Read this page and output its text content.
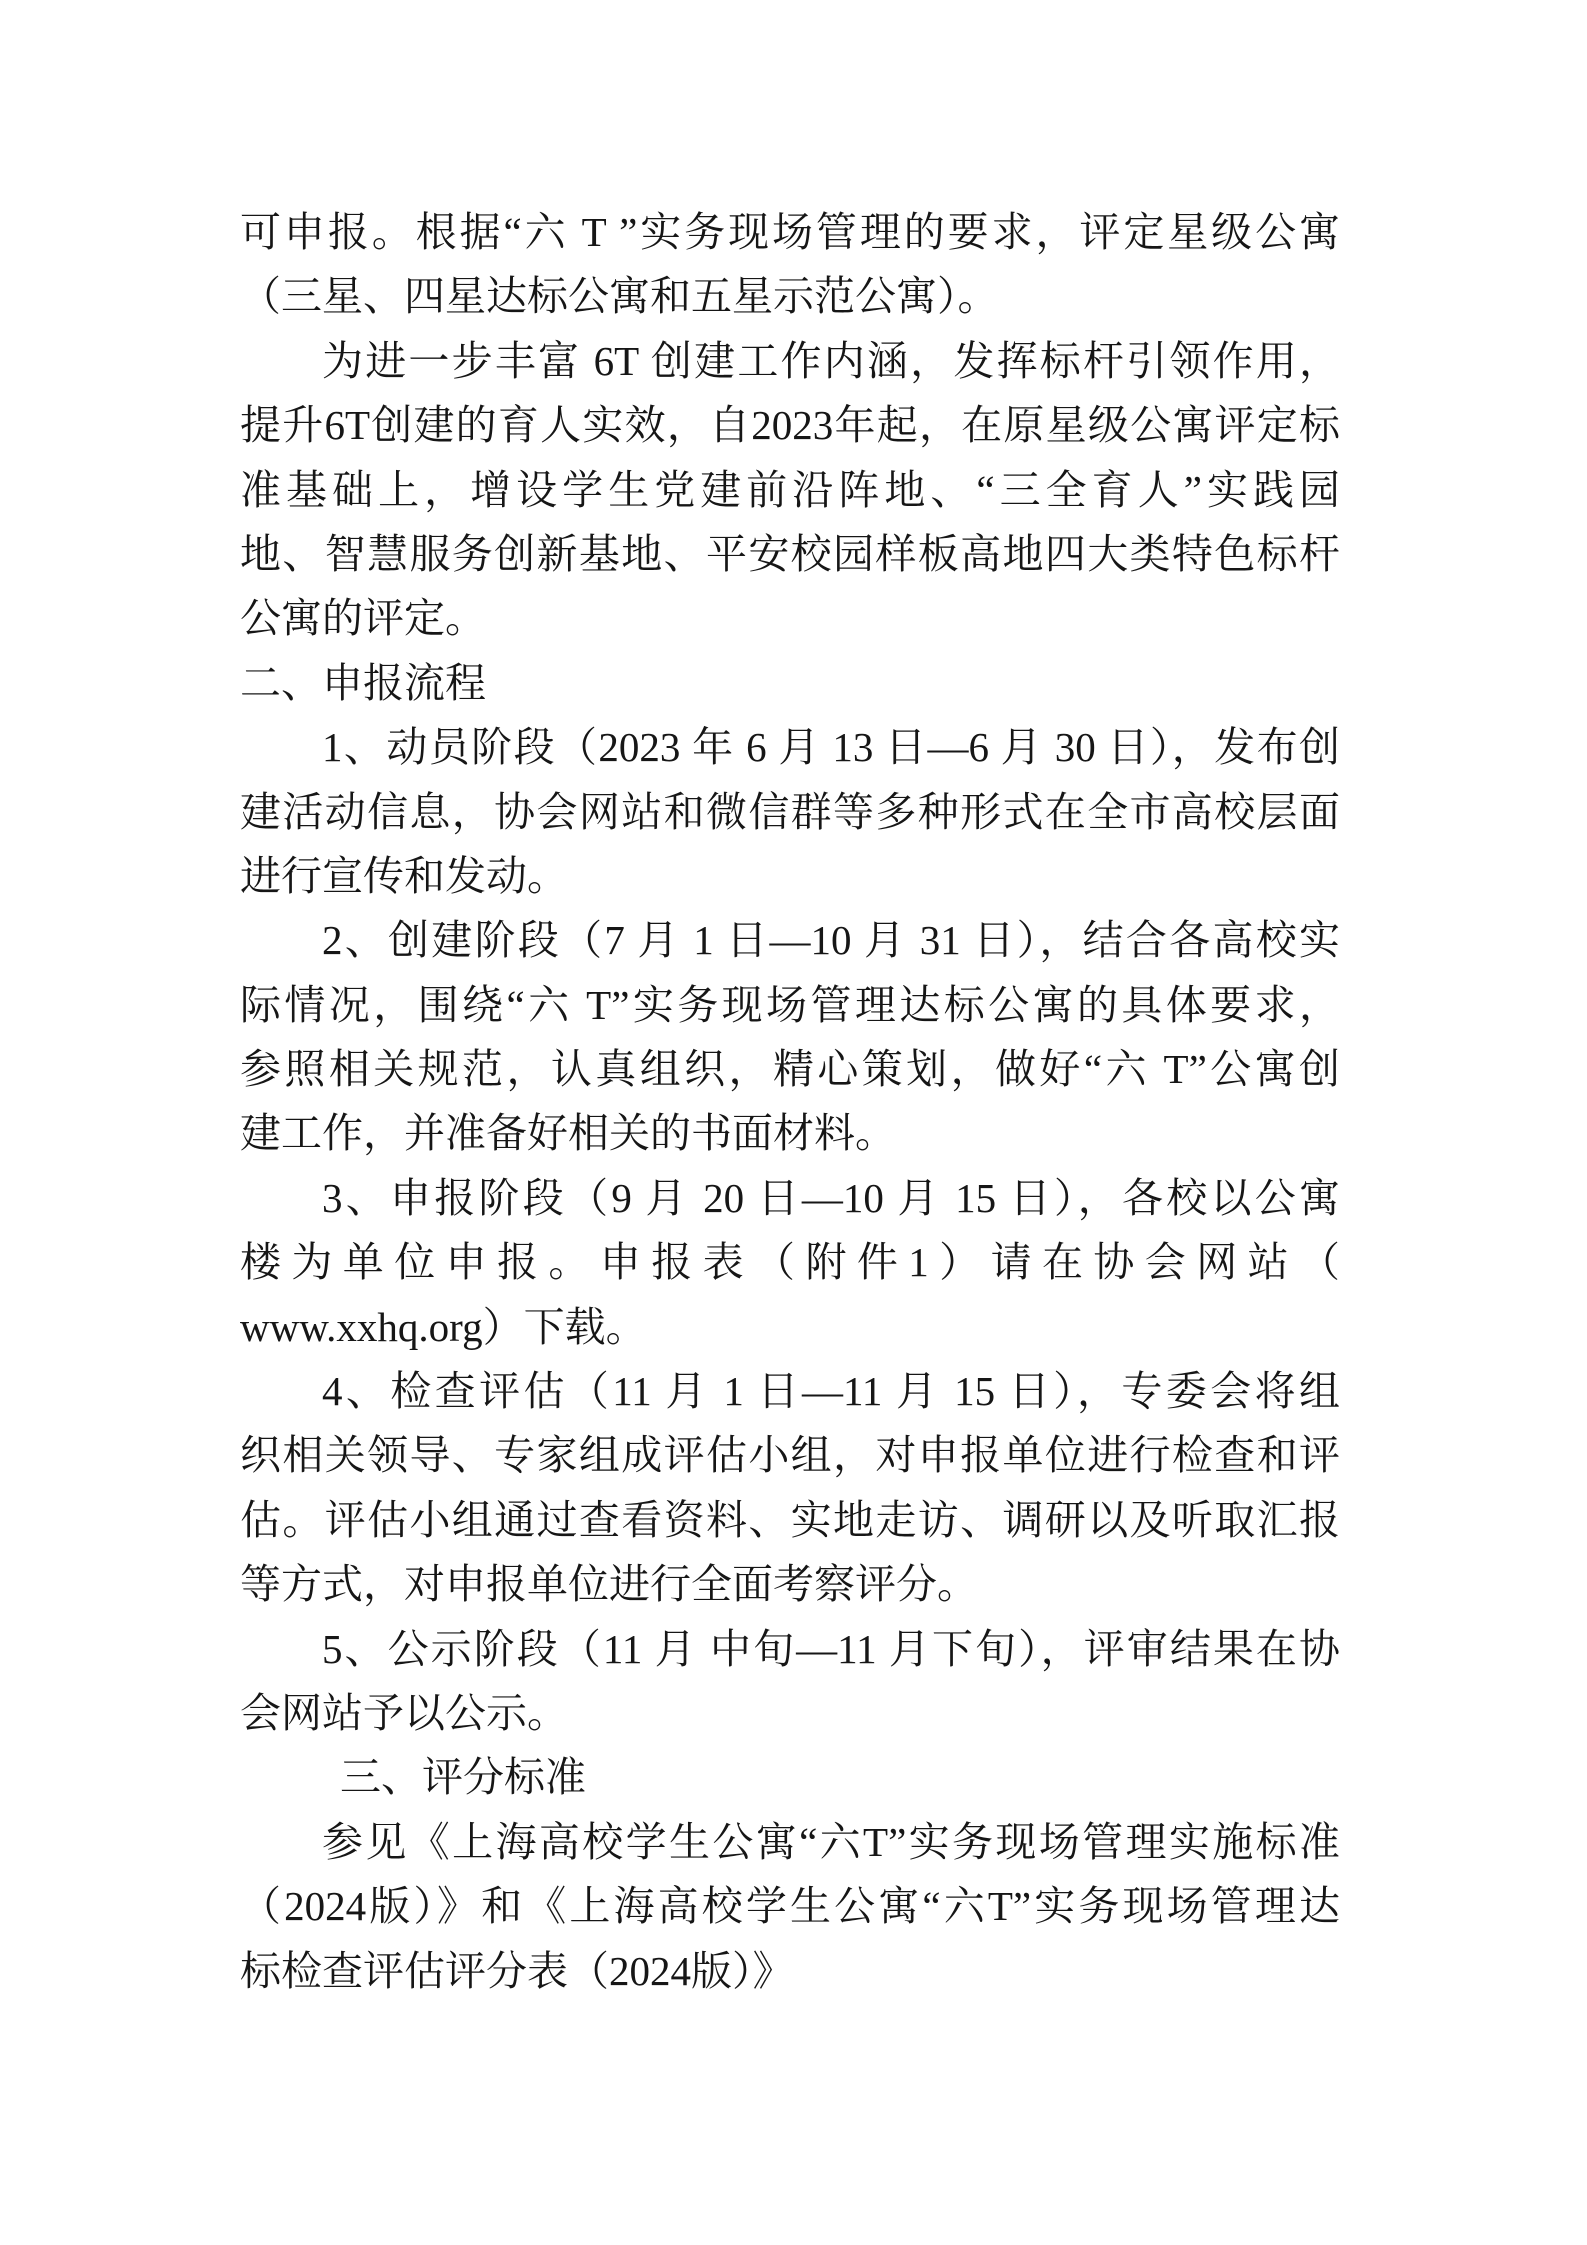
可申报。根据“六 T ”实务现场管理的要求，评定星级公寓
（三星、四星达标公寓和五星示范公寓）。
为进一步丰富 6T 创建工作内涵，发挥标杆引领作用，
提升6T创建的育人实效，自2023年起，在原星级公寓评定标
准基础上，增设学生党建前沿阵地、“三全育人”实践园
地、智慧服务创新基地、平安校园样板高地四大类特色标杆
公寓的评定。
二、申报流程
1、动员阶段（2023 年 6 月 13 日—6 月 30 日），发布创
建活动信息，协会网站和微信群等多种形式在全市高校层面
进行宣传和发动。
2、创建阶段（7 月 1 日—10 月 31 日），结合各高校实
际情况，围绕“六 T”实务现场管理达标公寓的具体要求，
参照相关规范，认真组织，精心策划，做好“六 T”公寓创
建工作，并准备好相关的书面材料。
3、申报阶段（9 月 20 日—10 月 15 日），各校以公寓
楼为单位申报。申报表（附件1）请在协会网站（
www.xxhq.org）下载。
4、检查评估（11 月 1 日—11 月 15 日），专委会将组
织相关领导、专家组成评估小组，对申报单位进行检查和评
估。评估小组通过查看资料、实地走访、调研以及听取汇报
等方式，对申报单位进行全面考察评分。
5、公示阶段（11 月 中旬—11 月下旬），评审结果在协
会网站予以公示。
三、评分标准
参见《上海高校学生公寓“六T”实务现场管理实施标准
（2024版）》和《上海高校学生公寓“六T”实务现场管理达
标检查评估评分表（2024版）》
